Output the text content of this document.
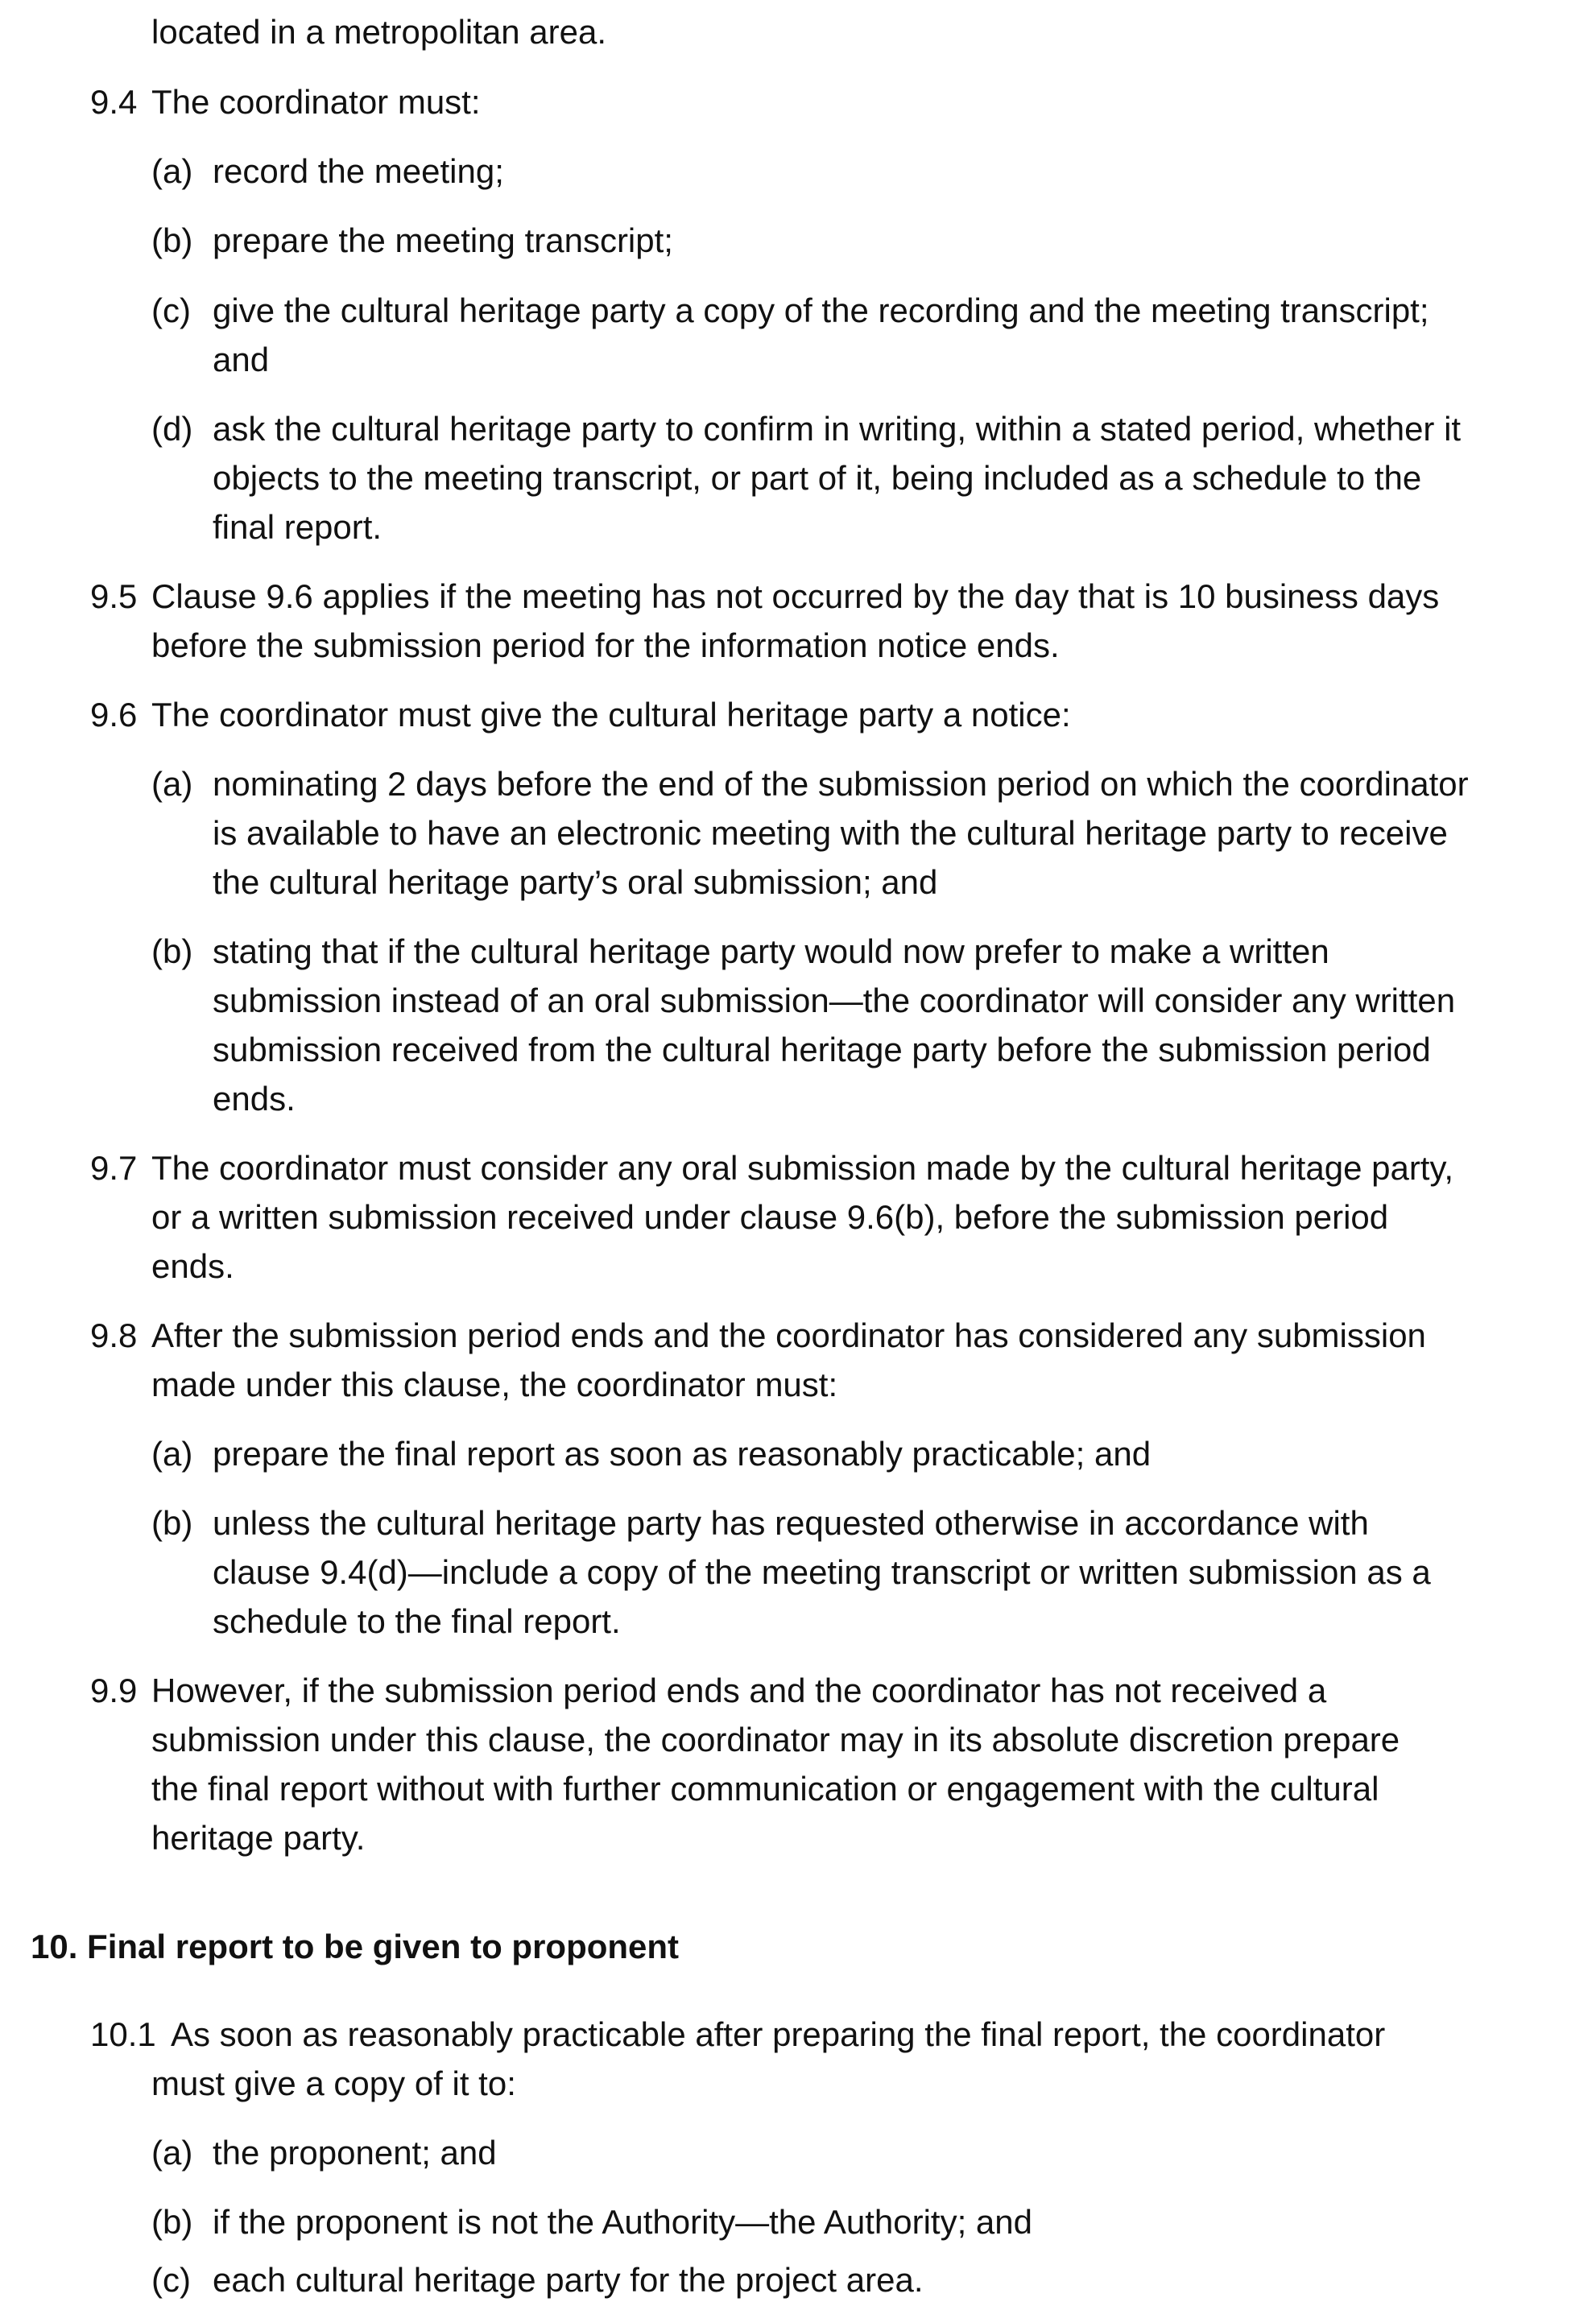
located in a metropolitan area.
9.4 The coordinator must:
(a) record the meeting;
(b) prepare the meeting transcript;
(c) give the cultural heritage party a copy of the recording and the meeting transcript;
and
(d) ask the cultural heritage party to confirm in writing, within a stated period, whether it
objects to the meeting transcript, or part of it, being included as a schedule to the
final report.
9.5 Clause 9.6 applies if the meeting has not occurred by the day that is 10 business days
before the submission period for the information notice ends.
9.6 The coordinator must give the cultural heritage party a notice:
(a) nominating 2 days before the end of the submission period on which the coordinator
is available to have an electronic meeting with the cultural heritage party to receive
the cultural heritage party’s oral submission; and
(b) stating that if the cultural heritage party would now prefer to make a written
submission instead of an oral submission—the coordinator will consider any written
submission received from the cultural heritage party before the submission period
ends.
9.7 The coordinator must consider any oral submission made by the cultural heritage party,
or a written submission received under clause 9.6(b), before the submission period
ends.
9.8 After the submission period ends and the coordinator has considered any submission
made under this clause, the coordinator must:
(a) prepare the final report as soon as reasonably practicable; and
(b) unless the cultural heritage party has requested otherwise in accordance with
clause 9.4(d)—include a copy of the meeting transcript or written submission as a
schedule to the final report.
9.9 However, if the submission period ends and the coordinator has not received a
submission under this clause, the coordinator may in its absolute discretion prepare
the final report without with further communication or engagement with the cultural
heritage party.
10. Final report to be given to proponent
10.1 As soon as reasonably practicable after preparing the final report, the coordinator
must give a copy of it to:
(a) the proponent; and
(b) if the proponent is not the Authority—the Authority; and
(c) each cultural heritage party for the project area.
